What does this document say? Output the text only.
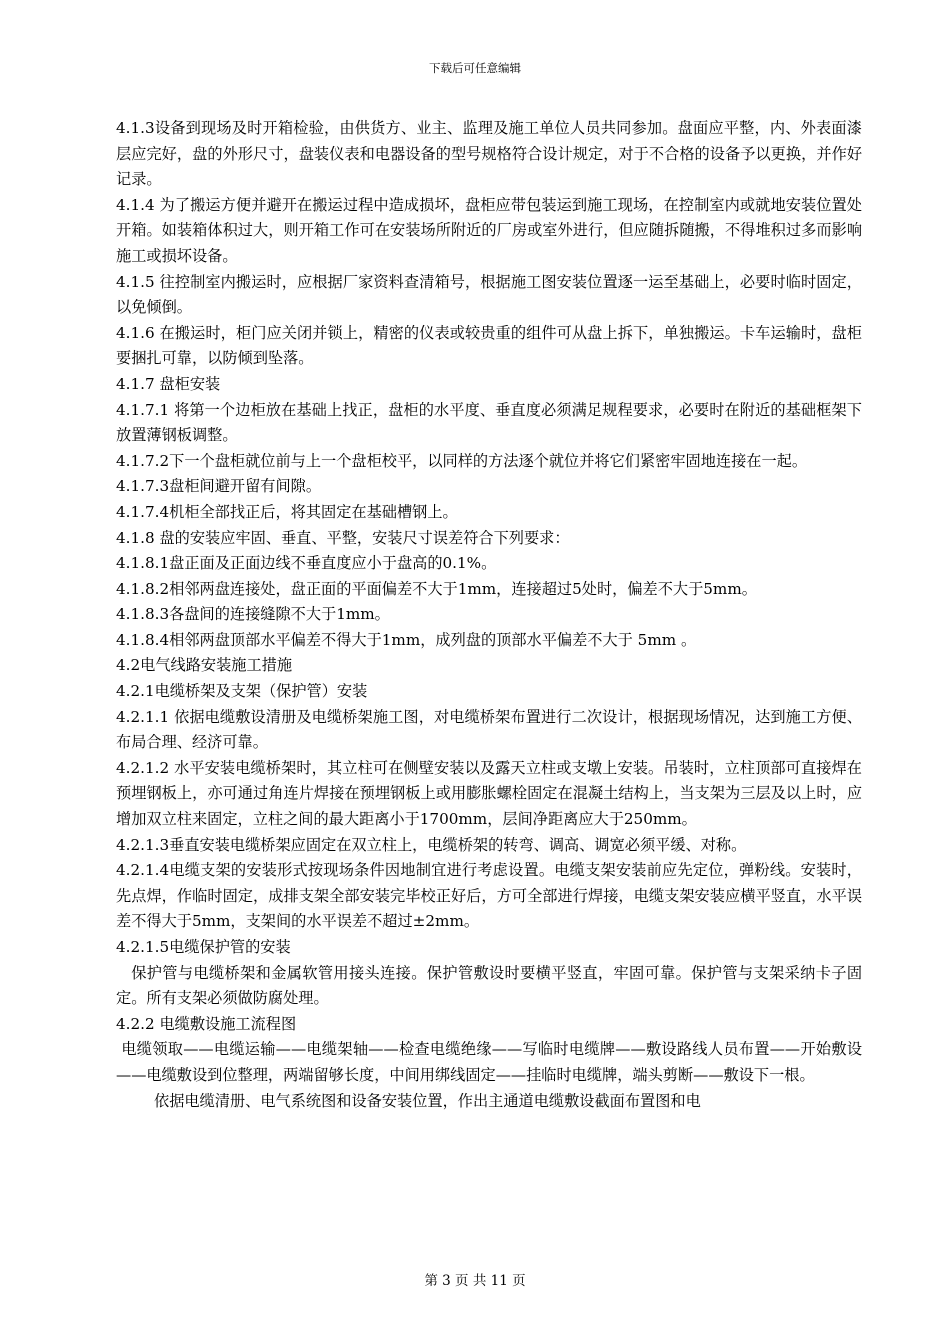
下载后可任意编辑

4.1.3设备到现场及时开箱检验，由供货方、业主、监理及施工单位人员共同参加。盘面应平整，内、外表面漆层应完好，盘的外形尺寸，盘装仪表和电器设备的型号规格符合设计规定，对于不合格的设备予以更换，并作好记录。

4.1.4 为了搬运方便并避开在搬运过程中造成损坏，盘柜应带包装运到施工现场，在控制室内或就地安装位置处开箱。如装箱体积过大，则开箱工作可在安装场所附近的厂房或室外进行，但应随拆随搬，不得堆积过多而影响施工或损坏设备。

4.1.5 往控制室内搬运时，应根据厂家资料查清箱号，根据施工图安装位置逐一运至基础上，必要时临时固定，以免倾倒。

4.1.6 在搬运时，柜门应关闭并锁上，精密的仪表或较贵重的组件可从盘上拆下，单独搬运。卡车运输时，盘柜要捆扎可靠，以防倾到坠落。

4.1.7 盘柜安装

4.1.7.1 将第一个边柜放在基础上找正，盘柜的水平度、垂直度必须满足规程要求，必要时在附近的基础框架下放置薄钢板调整。

4.1.7.2下一个盘柜就位前与上一个盘柜校平，以同样的方法逐个就位并将它们紧密牢固地连接在一起。

4.1.7.3盘柜间避开留有间隙。

4.1.7.4机柜全部找正后，将其固定在基础槽钢上。

4.1.8 盘的安装应牢固、垂直、平整，安装尺寸误差符合下列要求：

4.1.8.1盘正面及正面边线不垂直度应小于盘高的0.1%。

4.1.8.2相邻两盘连接处，盘正面的平面偏差不大于1mm，连接超过5处时，偏差不大于5mm。

4.1.8.3各盘间的连接缝隙不大于1mm。

4.1.8.4相邻两盘顶部水平偏差不得大于1mm，成列盘的顶部水平偏差不大于 5mm 。

4.2电气线路安装施工措施

4.2.1电缆桥架及支架（保护管）安装

4.2.1.1 依据电缆敷设清册及电缆桥架施工图，对电缆桥架布置进行二次设计，根据现场情况，达到施工方便、布局合理、经济可靠。

4.2.1.2 水平安装电缆桥架时，其立柱可在侧壁安装以及露天立柱或支墩上安装。吊装时，立柱顶部可直接焊在预埋钢板上，亦可通过角连片焊接在预埋钢板上或用膨胀螺栓固定在混凝土结构上，当支架为三层及以上时，应增加双立柱来固定，立柱之间的最大距离小于1700mm，层间净距离应大于250mm。

4.2.1.3垂直安装电缆桥架应固定在双立柱上，电缆桥架的转弯、调高、调宽必须平缓、对称。

4.2.1.4电缆支架的安装形式按现场条件因地制宜进行考虑设置。电缆支架安装前应先定位，弹粉线。安装时，先点焊，作临时固定，成排支架全部安装完毕校正好后，方可全部进行焊接，电缆支架安装应横平竖直，水平误差不得大于5mm，支架间的水平误差不超过±2mm。

4.2.1.5电缆保护管的安装

保护管与电缆桥架和金属软管用接头连接。保护管敷设时要横平竖直，牢固可靠。保护管与支架采纳卡子固定。所有支架必须做防腐处理。

4.2.2 电缆敷设施工流程图

电缆领取——电缆运输——电缆架轴——检查电缆绝缘——写临时电缆牌——敷设路线人员布置——开始敷设——电缆敷设到位整理，两端留够长度，中间用绑线固定——挂临时电缆牌，端头剪断——敷设下一根。

依据电缆清册、电气系统图和设备安装位置，作出主通道电缆敷设截面布置图和电

第 3 页 共 11 页
